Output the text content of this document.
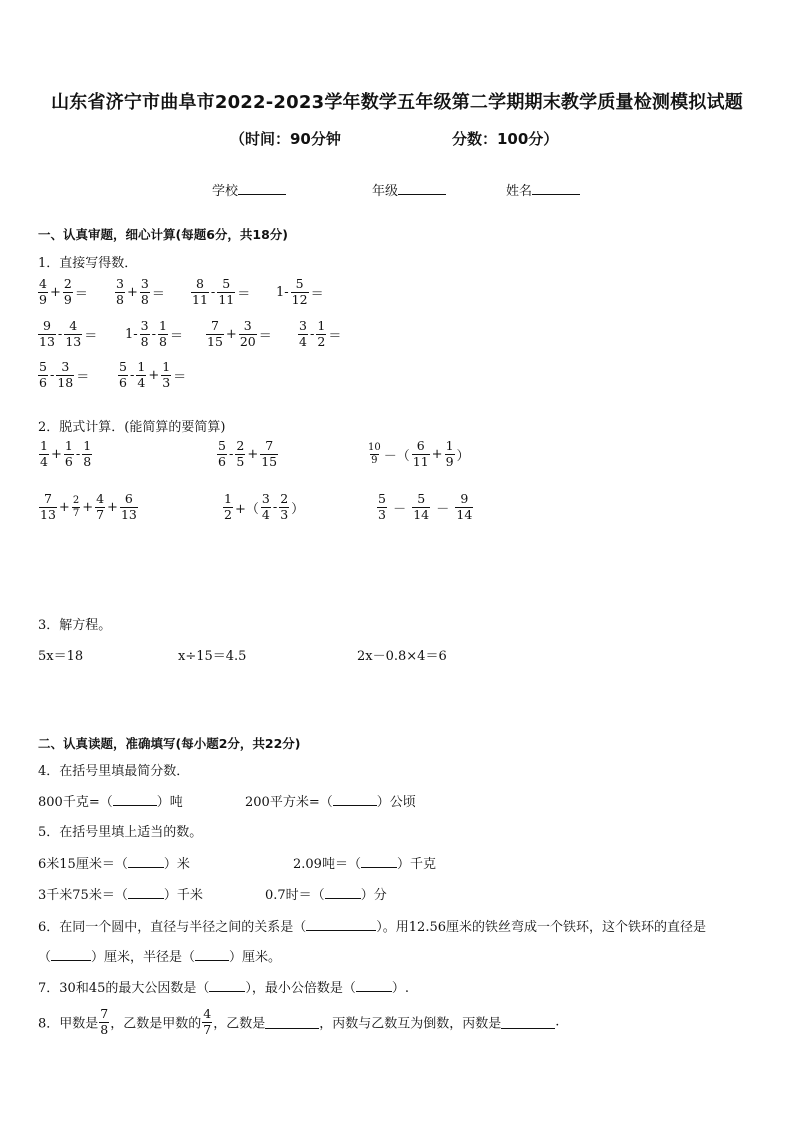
山东省济宁市曲阜市2022-2023学年数学五年级第二学期期末教学质量检测模拟试题
（时间：90分钟	分数：100分）
学校	年级	姓名
一、认真审题，细心计算(每题6分，共18分)
1．直接写得数．
$\frac{4}{9} + \frac{2}{9} = \frac{3}{8} + \frac{3}{8} = \frac{8}{11} - \frac{5}{11} = 1- \frac{5}{12}$ ＝
$\frac{9}{13} - \frac{4}{13} = 1- \frac{3}{8} - \frac{1}{8} = \frac{7}{15} + \frac{3}{20} = \frac{3}{4} - \frac{1}{2}$ ＝
$\frac{5}{6} - \frac{3}{18} = \frac{5}{6} - \frac{1}{4} + \frac{1}{3}$ ＝
2．脱式计算．(能简算的要简算)
$\frac{1}{4} + \frac{1}{6} - \frac{1}{8}$	$\frac{5}{6} - \frac{2}{5} + \frac{7}{15}$	$\frac{10}{9}$ －（ $\frac{6}{11} + \frac{1}{9}$ ）
$\frac{7}{13} + \frac{2}{7} + \frac{4}{7} + \frac{6}{13}$	$\frac{1}{2}$ +（ $\frac{3}{4} - \frac{2}{3}$ ）	$\frac{5}{3} - \frac{5}{14} - \frac{9}{14}$
3．解方程。
5x＝18	x÷15＝4.5	2x－0.8×4＝6
二、认真读题，准确填写(每小题2分，共22分)
4．在括号里填最简分数．
800千克=（	）吨	200平方米=（	）公顷
5．在括号里填上适当的数。
6米15厘米＝（	）米	2.09吨＝（	）千克
3千米75米＝（	）千米	0.7时＝（	）分
6．在同一个圆中，直径与半径之间的关系是（	）。用12.56厘米的铁丝弯成一个铁环，这个铁环的直径是
（	）厘米，半径是（	）厘米。
7．30和45的最大公因数是（	），最小公倍数是（	）.
8．甲数是 $\frac{7}{8}$ ，乙数是甲数的 $\frac{4}{7}$ ，乙数是	，丙数与乙数互为倒数，丙数是	.
